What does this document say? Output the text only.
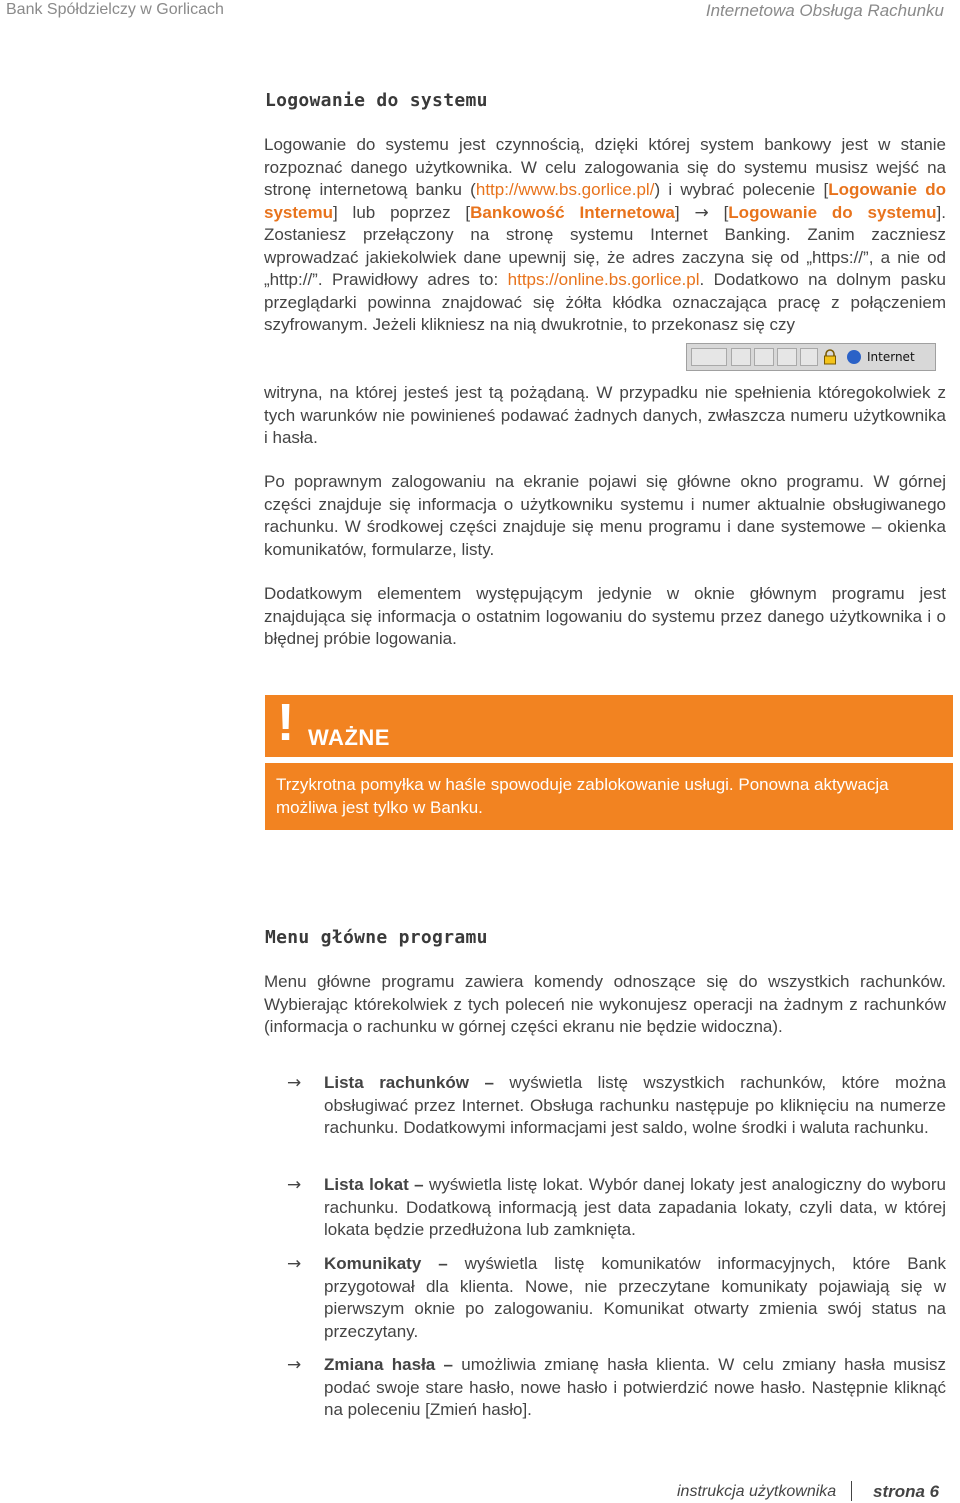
Bank Spółdzielczy w Gorlicach	Internetowa Obsługa Rachunku
Logowanie do systemu

Logowanie do systemu jest czynnością, dzięki której system bankowy jest w stanie rozpoznać danego użytkownika. W celu zalogowania się do systemu musisz wejść na stronę internetową banku (http://www.bs.gorlice.pl/) i wybrać polecenie [Logowanie do systemu] lub poprzez [Bankowość Internetowa] → [Logowanie do systemu]. Zostaniesz przełączony na stronę systemu Internet Banking. Zanim zaczniesz wprowadzać jakiekolwiek dane upewnij się, że adres zaczyna się od „https://”, a nie od „http://”. Prawidłowy adres to: https://online.bs.gorlice.pl. Dodatkowo na dolnym pasku przeglądarki powinna znajdować się żółta kłódka oznaczająca pracę z połączeniem szyfrowanym. Jeżeli klikniesz na nią dwukrotnie, to przekonasz się czy

Internet

witryna, na której jesteś jest tą pożądaną. W przypadku nie spełnienia któregokolwiek z tych warunków nie powinieneś podawać żadnych danych, zwłaszcza numeru użytkownika i hasła.

Po poprawnym zalogowaniu na ekranie pojawi się główne okno programu. W górnej części znajduje się informacja o użytkowniku systemu i numer aktualnie obsługiwanego rachunku. W środkowej części znajduje się menu programu i dane systemowe – okienka komunikatów, formularze, listy.

Dodatkowym elementem występującym jedynie w oknie głównym programu jest znajdująca się informacja o ostatnim logowaniu do systemu przez danego użytkownika i o błędnej próbie logowania.

! WAŻNE
Trzykrotna pomyłka w haśle spowoduje zablokowanie usługi. Ponowna aktywacja możliwa jest tylko w Banku.
Menu główne programu

Menu główne programu zawiera komendy odnoszące się do wszystkich rachunków. Wybierając którekolwiek z tych poleceń nie wykonujesz operacji na żadnym z rachunków (informacja o rachunku w górnej części ekranu nie będzie widoczna).

→ Lista rachunków – wyświetla listę wszystkich rachunków, które można obsługiwać przez Internet. Obsługa rachunku następuje po kliknięciu na numerze rachunku. Dodatkowymi informacjami jest saldo, wolne środki i waluta rachunku.

→ Lista lokat – wyświetla listę lokat. Wybór danej lokaty jest analogiczny do wyboru rachunku. Dodatkową informacją jest data zapadania lokaty, czyli data, w której lokata będzie przedłużona lub zamknięta.

→ Komunikaty – wyświetla listę komunikatów informacyjnych, które Bank przygotował dla klienta. Nowe, nie przeczytane komunikaty pojawiają się w pierwszym oknie po zalogowaniu. Komunikat otwarty zmienia swój status na przeczytany.

→ Zmiana hasła – umożliwia zmianę hasła klienta. W celu zmiany hasła musisz podać swoje stare hasło, nowe hasło i potwierdzić nowe hasło. Następnie kliknąć na poleceniu [Zmień hasło].

instrukcja użytkownika strona 6
